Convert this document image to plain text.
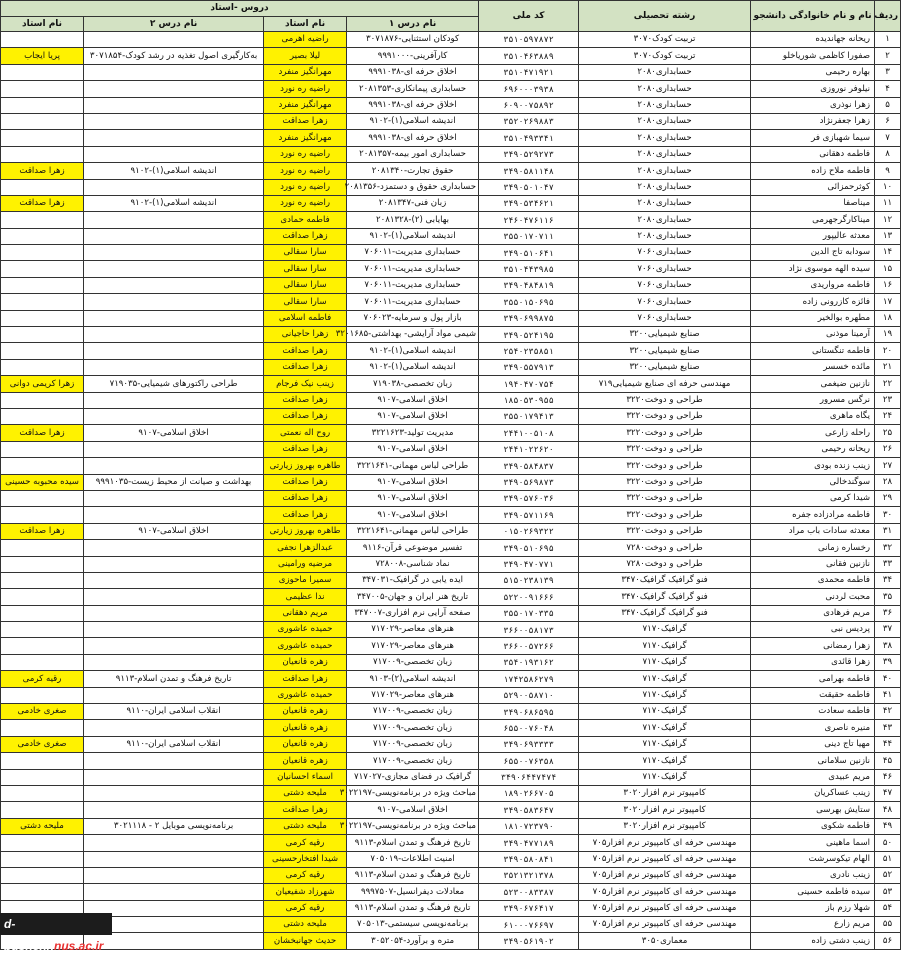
ردیف	نام و نام خانوادگی دانشجو	رشته تحصیلی	کد ملی	دروس -استاد			
				نام درس ۱	نام استاد	نام درس ۲	نام استاد
۱	ریحانه جهاندیده	تربیت کودک۳۰۷۰	۳۵۱۰۵۹۷۸۷۲	کودکان استثنایی-۳۰۷۱۸۷۶	راضیه اهرمی		
۲	صفورا کاظمی شوریاخلو	تربیت کودک۳۰۷۰	۳۵۱۰۴۶۳۸۸۹	کارآفرینی-۹۹۹۱۰۰۰	لیلا بصیر	به‌کارگیری اصول تغذیه در رشد کودک-۳۰۷۱۸۵۴	پریا ایجاب
۳	بهاره رحیمی	حسابداری۲۰۸۰	۳۵۱۰۴۷۱۹۲۱	اخلاق حرفه ای-۹۹۹۱۰۳۸	مهرانگیز منفرد		
۴	نیلوفر نوروزی	حسابداری۲۰۸۰	۶۹۶۰۰۰۳۹۳۸	حسابداری پیمانکاری-۲۰۸۱۳۵۳	راضیه ره نورد		
۵	زهرا نوذری	حسابداری۲۰۸۰	۶۰۹۰۰۷۵۸۹۲	اخلاق حرفه ای-۹۹۹۱۰۳۸	مهرانگیز منفرد		
۶	زهرا جعفرنژاد	حسابداری۲۰۸۰	۳۵۲۰۲۶۹۸۸۳	اندیشه اسلامی(۱)-۹۱۰۲	زهرا صداقت		
۷	سیما شهبازی فر	حسابداری۲۰۸۰	۳۵۱۰۴۹۳۳۴۱	اخلاق حرفه ای-۹۹۹۱۰۳۸	مهرانگیز منفرد		
۸	فاطمه دهقانی	حسابداری۲۰۸۰	۳۴۹۰۵۲۹۲۷۳	حسابداری امور بیمه-۲۰۸۱۳۵۷	راضیه ره نورد		
۹	فاطمه ملاح زاده	حسابداری۲۰۸۰	۳۴۹۰۵۸۱۱۴۸	حقوق تجارت-۲۰۸۱۳۴۰	راضیه ره نورد	اندیشه اسلامی(۱)-۹۱۰۲	زهرا صداقت
۱۰	کوثرحمزائی	حسابداری۲۰۸۰	۳۴۹۰۵۰۱۰۴۷	حسابداری حقوق و دستمزد-۲۰۸۱۳۵۶	راضیه ره نورد		
۱۱	میناصفا	حسابداری۲۰۸۰	۳۴۹۰۵۳۴۶۲۱	زبان فنی-۲۰۸۱۳۴۷	راضیه ره نورد	اندیشه اسلامی(۱)-۹۱۰۲	زهرا صداقت
۱۲	میناکارگرجهرمی	حسابداری۲۰۸۰	۲۴۶۰۴۷۶۱۱۶	بهایابی (۲)-۲۰۸۱۳۲۸	فاطمه حمادی		
۱۳	معدثه عالیپور	حسابداری۲۰۸۰	۳۵۵۰۱۷۰۷۱۱	اندیشه اسلامی(۱)-۹۱۰۲	زهرا صداقت		
۱۴	سودابه تاج الدین	حسابداری۷۰۶۰	۳۴۹۰۵۱۰۶۴۱	حسابداری مدیریت-۷۰۶۰۱۱	سارا سقالی		
۱۵	سیده الهه موسوی نژاد	حسابداری۷۰۶۰	۳۵۱۰۴۴۳۹۸۵	حسابداری مدیریت-۷۰۶۰۱۱	سارا سقالی		
۱۶	فاطمه مرواریدی	حسابداری۷۰۶۰	۳۴۹۰۴۸۴۸۱۹	حسابداری مدیریت-۷۰۶۰۱۱	سارا سقالی		
۱۷	فائزه کازرونی زاده	حسابداری۷۰۶۰	۳۵۵۰۱۵۰۶۹۵	حسابداری مدیریت-۷۰۶۰۱۱	سارا سقالی		
۱۸	مطهره بوالخیر	حسابداری۷۰۶۰	۳۴۹۰۶۹۹۸۷۵	بازار پول و سرمایه-۷۰۶۰۲۳	فاطمه اسلامی		
۱۹	آرمینا موذنی	صنایع شیمیایی۳۲۰۰	۳۴۹۰۵۲۴۱۹۵	شیمی مواد آرایشی- بهداشتی-۳۲۰۱۶۸۵	زهرا حاجیانی		
۲۰	فاطمه تنگستانی	صنایع شیمیایی۳۲۰۰	۲۵۴۰۲۳۵۸۵۱	اندیشه اسلامی(۱)-۹۱۰۲	زهرا صداقت		
۲۱	مائده خسسر	صنایع شیمیایی۳۲۰۰	۳۴۹۰۵۵۷۹۱۳	اندیشه اسلامی(۱)-۹۱۰۲	زهرا صداقت		
۲۲	نازنین ضیغمی	مهندسی حرفه ای صنایع شیمیایی۷۱۹	۱۹۴۰۴۷۰۷۵۴	زبان تخصصی-۷۱۹۰۳۸	زینب نیک فرجام	طراحی راکتورهای شیمیایی-۷۱۹۰۳۵	زهرا کریمی دوانی
۲۳	نرگس مسرور	طراحی و دوخت۳۲۲۰	۱۸۵۰۵۳۰۹۵۵	اخلاق اسلامی-۹۱۰۷	زهرا صداقت		
۲۴	یگاه ماهری	طراحی و دوخت۳۲۲۰	۳۵۵۰۱۷۹۴۱۳	اخلاق اسلامی-۹۱۰۷	زهرا صداقت		
۲۵	راحله زارعی	طراحی و دوخت۳۲۲۰	۲۴۴۱۰۰۵۱۰۸	مدیریت تولید-۳۲۲۱۶۲۳	روح اله نعمتی	اخلاق اسلامی-۹۱۰۷	زهرا صداقت
۲۶	ریحانه رحیمی	طراحی و دوخت۳۲۲۰	۲۴۴۱۰۲۲۶۲۰	اخلاق اسلامی-۹۱۰۷	زهرا صداقت		
۲۷	زینب زنده بودی	طراحی و دوخت۳۲۲۰	۳۴۹۰۵۸۴۸۳۷	طراحی لباس مهمانی-۳۲۲۱۶۴۱	طاهره بهروز زیارتی		
۲۸	سوگندخالی	طراحی و دوخت۳۲۲۰	۳۴۹۰۵۶۹۸۷۳	اخلاق اسلامی-۹۱۰۷	زهرا صداقت	بهداشت و صیانت از محیط زیست-۹۹۹۱۰۳۵	سیده محبوبه حسینی
۲۹	شیدا کرمی	طراحی و دوخت۳۲۲۰	۳۴۹۰۵۷۶۰۳۶	اخلاق اسلامی-۹۱۰۷	زهرا صداقت		
۳۰	فاطمه مرادزاده جفره	طراحی و دوخت۳۲۲۰	۳۴۹۰۵۷۱۱۶۹	اخلاق اسلامی-۹۱۰۷	زهرا صداقت		
۳۱	معدثه سادات باب مراد	طراحی و دوخت۳۲۲۰	۰۱۵۰۲۶۹۳۲۲	طراحی لباس مهمانی-۳۲۲۱۶۴۱	طاهره بهروز زیارتی	اخلاق اسلامی-۹۱۰۷	زهرا صداقت
۳۲	رخساره زمانی	طراحی و دوخت۷۲۸۰	۳۴۹۰۵۱۰۶۹۵	تفسیر موضوعی قرآن-۹۱۱۶	عبدالزهرا نجفی		
۳۳	نازنین فقانی	طراحی و دوخت۷۲۸۰	۳۴۹۰۴۷۰۷۷۱	نماد شناسی-۷۲۸۰۰۸	مرضیه ورامینی		
۳۴	فاطمه محمدی	فنو گرافیک گرافیک۳۴۷۰	۵۱۵۰۲۳۸۱۳۹	ایده یابی در گرافیک-۳۴۷۰۳۱	سمیرا ماحوزی		
۳۵	محبت لردنی	فنو گرافیک گرافیک۳۴۷۰	۵۲۲۰۰۹۱۶۶۶	تاریخ هنر ایران و جهان-۳۴۷۰۰۵	ندا عظیمی		
۳۶	مریم فرهادی	فنو گرافیک گرافیک۳۴۷۰	۳۵۵۰۱۷۰۳۳۵	صفحه آرایی نرم افزاری-۳۴۷۰۰۷	مریم دهقانی		
۳۷	پردیس نبی	گرافیک۷۱۷۰	۳۶۶۰۰۵۸۱۷۳	هنرهای معاصر-۷۱۷۰۲۹	حمیده عاشوری		
۳۸	زهرا رمضانی	گرافیک۷۱۷۰	۳۶۶۰۰۵۷۲۶۶	هنرهای معاصر-۷۱۷۰۲۹	حمیده عاشوری		
۳۹	زهرا قائدی	گرافیک۷۱۷۰	۳۵۴۰۱۹۳۱۶۲	زبان تخصصی-۷۱۷۰۰۹	زهره قانعیان		
۴۰	فاطمه بهرامی	گرافیک۷۱۷۰	۱۷۴۲۵۸۶۲۷۹	اندیشه اسلامی(۲)-۹۱۰۳	زهرا صداقت	تاریخ فرهنگ و تمدن اسلام-۹۱۱۳	رقیه کرمی
۴۱	فاطمه حقیقت	گرافیک۷۱۷۰	۵۲۹۰۰۵۸۷۱۰	هنرهای معاصر-۷۱۷۰۲۹	حمیده عاشوری		
۴۲	فاطمه سعادت	گرافیک۷۱۷۰	۳۴۹۰۶۸۶۵۹۵	زبان تخصصی-۷۱۷۰۰۹	زهره قانعیان	انقلاب اسلامی ایران-۹۱۱۰	صغری خادمی
۴۳	منیره ناصری	گرافیک۷۱۷۰	۶۵۵۰۰۷۶۰۴۸	زبان تخصصی-۷۱۷۰۰۹	زهره قانعیان		
۴۴	مهیا تاج دینی	گرافیک۷۱۷۰	۳۴۹۰۶۹۳۳۳۳	زبان تخصصی-۷۱۷۰۰۹	زهره قانعیان	انقلاب اسلامی ایران-۹۱۱۰	صغری خادمی
۴۵	نازنین سلامانی	گرافیک۷۱۷۰	۶۵۵۰۰۷۶۳۵۸	زبان تخصصی-۷۱۷۰۰۹	زهره قانعیان		
۴۶	مریم عبیدی	گرافیک۷۱۷۰	۳۴۹۰۶۴۴۷۴۷۴	گرافیک در فضای مجازی-۷۱۷۰۲۷	اسماء احسانیان		
۴۷	زینب عساکریان	کامپیوتر نرم افزار۳۰۲۰	۱۸۹۰۲۶۶۷۰۵	مباحث ویژه در برنامه‌نویسی-۳۰۲۲۱۹۷	ملیحه دشتی		
۴۸	ستایش بهرسی	کامپیوتر نرم افزار۳۰۲۰	۳۴۹۰۵۸۳۶۴۷	اخلاق اسلامی-۹۱۰۷	زهرا صداقت		
۴۹	فاطمه شکوی	کامپیوتر نرم افزار۳۰۲۰	۱۸۱۰۷۲۳۷۹۰	مباحث ویژه در برنامه‌نویسی-۳۰۲۲۱۹۷	ملیحه دشتی	برنامه‌نویسی موبایل ۲ - ۳۰۲۱۱۱۸	ملیحه دشتی
۵۰	اسما ماهینی	مهندسی حرفه ای کامپیوتر نرم افزار۷۰۵	۳۴۹۰۴۷۷۱۸۹	تاریخ فرهنگ و تمدن اسلام-۹۱۱۳	رقیه کرمی		
۵۱	الهام تیکوسرشت	مهندسی حرفه ای کامپیوتر نرم افزار۷۰۵	۳۴۹۰۵۸۰۸۴۱	امنیت اطلاعات-۷۰۵۰۱۹	شیدا افتخارحسینی		
۵۲	زینب نادری	مهندسی حرفه ای کامپیوتر نرم افزار۷۰۵	۳۵۲۱۳۲۱۳۷۸	تاریخ فرهنگ و تمدن اسلام-۹۱۱۳	رقیه کرمی		
۵۳	سیده فاطمه حسینی	مهندسی حرفه ای کامپیوتر نرم افزار۷۰۵	۵۲۳۰۰۸۳۳۸۷	معادلات دیفرانسیل-۹۹۹۷۵۰۷	شهرزاد شفیعیان		
۵۴	شهلا رزم باز	مهندسی حرفه ای کامپیوتر نرم افزار۷۰۵	۳۴۹۰۶۷۶۴۱۷	تاریخ فرهنگ و تمدن اسلام-۹۱۱۳	رقیه کرمی		
۵۵	مریم زارع	مهندسی حرفه ای کامپیوتر نرم افزار۷۰۵	۶۱۰۰۰۷۶۶۹۷	برنامه‌نویسی سیستمی-۷۰۵۰۱۳	ملیحه دشتی		
۵۶	زینب دشتی زاده	معماری۳۰۵۰	۳۴۹۰۵۶۱۹۰۲	متره و برآورد-۳۰۵۲۰۵۴	حدیث جهانبخشان		
d-bushehr.nus.ac.ir
